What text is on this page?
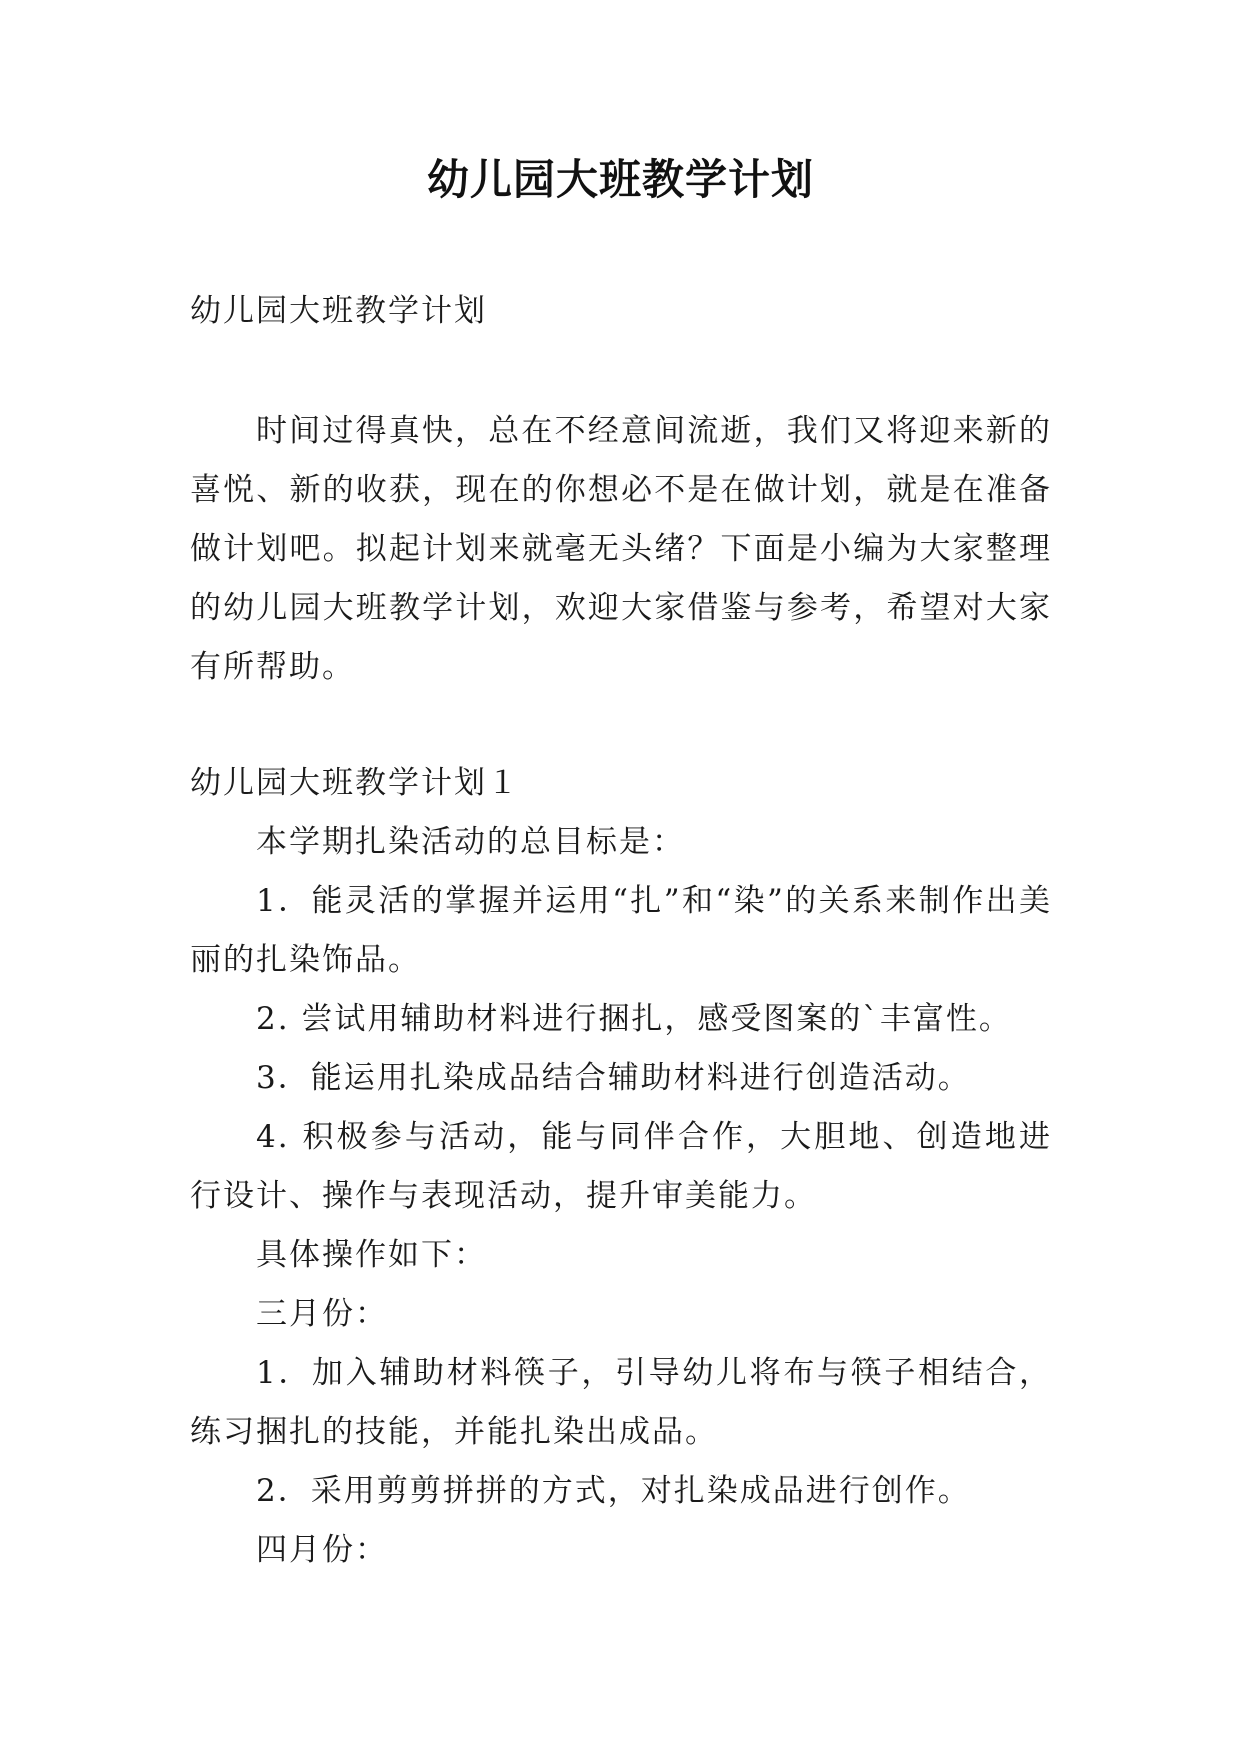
幼儿园大班教学计划

幼儿园大班教学计划

时间过得真快，总在不经意间流逝，我们又将迎来新的喜悦、新的收获，现在的你想必不是在做计划，就是在准备做计划吧。拟起计划来就毫无头绪？下面是小编为大家整理的幼儿园大班教学计划，欢迎大家借鉴与参考，希望对大家有所帮助。

幼儿园大班教学计划１

本学期扎染活动的总目标是：

1．能灵活的掌握并运用“扎”和“染”的关系来制作出美丽的扎染饰品。

2. 尝试用辅助材料进行捆扎，感受图案的`丰富性。

3．能运用扎染成品结合辅助材料进行创造活动。

4. 积极参与活动，能与同伴合作，大胆地、创造地进行设计、操作与表现活动，提升审美能力。

具体操作如下：

三月份：

1．加入辅助材料筷子，引导幼儿将布与筷子相结合，练习捆扎的技能，并能扎染出成品。

2．采用剪剪拼拼的方式，对扎染成品进行创作。

四月份：
